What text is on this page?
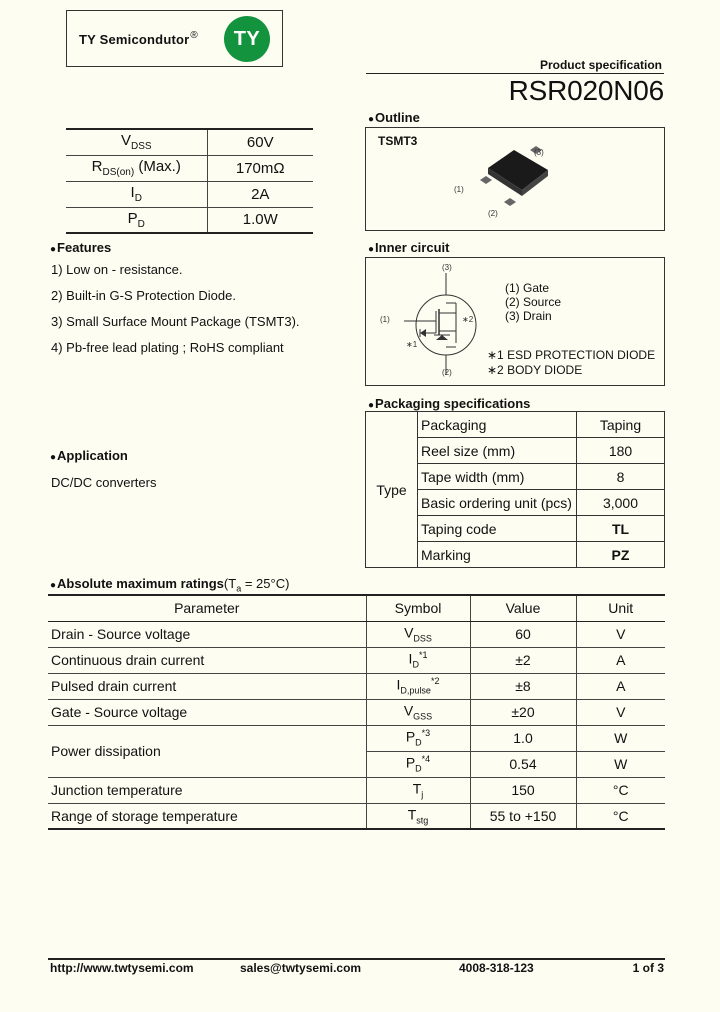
TY Semicondutor® TY
Product specification
RSR020N06
$V_{DSS}$	60V
$R_{DS(on)}$ (Max.)	170mΩ
$I_D$	2A
$P_D$	1.0W
●Features
1) Low on - resistance.
2) Built-in G-S Protection Diode.
3) Small Surface Mount Package (TSMT3).
4) Pb-free lead plating ; RoHS compliant
●Application
DC/DC converters
●Outline
TSMT3
(3)
(1)
(2)
●Inner circuit
(3)
(1)
(2)
∗2
∗1
(1) Gate
(2) Source
(3) Drain
∗1 ESD PROTECTION DIODE
∗2 BODY DIODE
●Packaging specifications
Type	Packaging	Taping
	Reel size (mm)	180
	Tape width (mm)	8
	Basic ordering unit (pcs)	3,000
	Taping code	TL
	Marking	PZ
●Absolute maximum $ratings(T_a = 25^\circ C)$
Parameter	Symbol	Value	Unit
Drain - Source voltage	$V_{DSS}$	60	V
Continuous drain current	$I_D^{*1}$	±2	A
Pulsed drain current	$I_{D,pulse}^{*2}$	±8	A
Gate - Source voltage	$V_{GSS}$	±20	V
Power dissipation	$P_D^{*3}$	1.0	W
	$P_D^{*4}$	0.54	W
Junction temperature	$T_j$	150	°C
Range of storage temperature	$T_{stg}$	55 to +150	°C
http://www.twtysemi.com	sales@twtysemi.com	4008-318-123	1 of 3
